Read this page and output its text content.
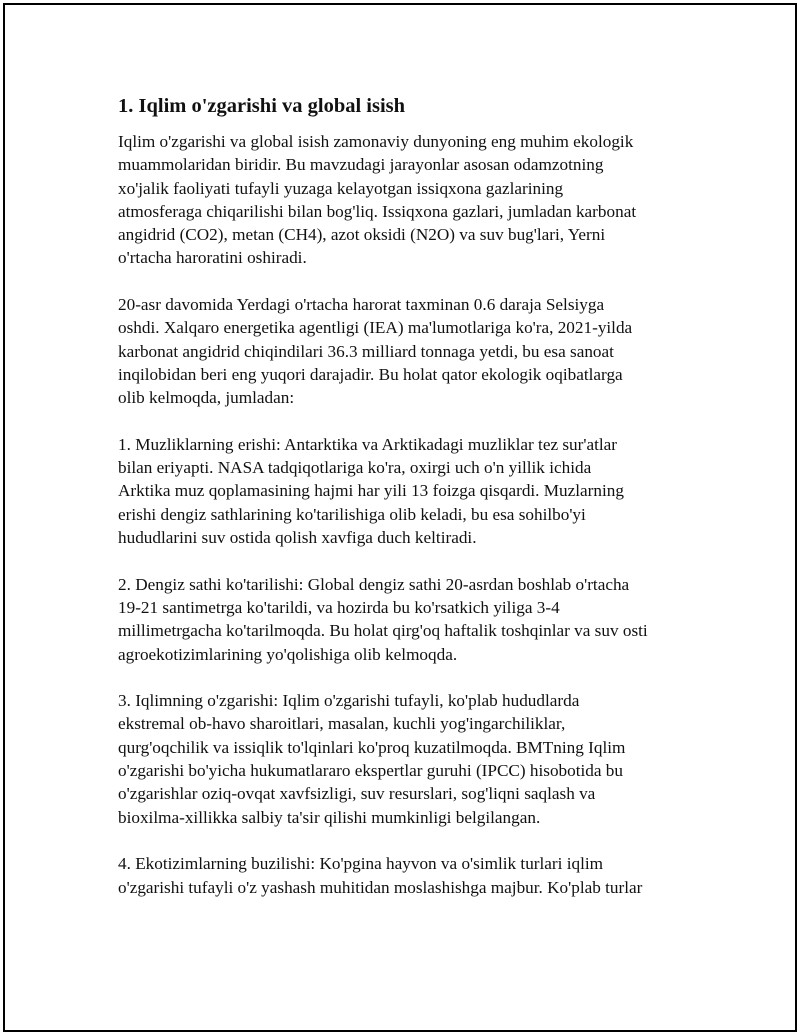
1. Iqlim o'zgarishi va global isish

Iqlim o'zgarishi va global isish zamonaviy dunyoning eng muhim ekologik
muammolaridan biridir. Bu mavzudagi jarayonlar asosan odamzotning
xo'jalik faoliyati tufayli yuzaga kelayotgan issiqxona gazlarining
atmosferaga chiqarilishi bilan bog'liq. Issiqxona gazlari, jumladan karbonat
angidrid (CO2), metan (CH4), azot oksidi (N2O) va suv bug'lari, Yerni
o'rtacha haroratini oshiradi.

20-asr davomida Yerdagi o'rtacha harorat taxminan 0.6 daraja Selsiyga
oshdi. Xalqaro energetika agentligi (IEA) ma'lumotlariga ko'ra, 2021-yilda
karbonat angidrid chiqindilari 36.3 milliard tonnaga yetdi, bu esa sanoat
inqilobidan beri eng yuqori darajadir. Bu holat qator ekologik oqibatlarga
olib kelmoqda, jumladan:

1. Muzliklarning erishi: Antarktika va Arktikadagi muzliklar tez sur'atlar
bilan eriyapti. NASA tadqiqotlariga ko'ra, oxirgi uch o'n yillik ichida
Arktika muz qoplamasining hajmi har yili 13 foizga qisqardi. Muzlarning
erishi dengiz sathlarining ko'tarilishiga olib keladi, bu esa sohilbo'yi
hududlarini suv ostida qolish xavfiga duch keltiradi.

2. Dengiz sathi ko'tarilishi: Global dengiz sathi 20-asrdan boshlab o'rtacha
19-21 santimetrga ko'tarildi, va hozirda bu ko'rsatkich yiliga 3-4
millimetrgacha ko'tarilmoqda. Bu holat qirg'oq haftalik toshqinlar va suv osti
agroekotizimlarining yo'qolishiga olib kelmoqda.

3. Iqlimning o'zgarishi: Iqlim o'zgarishi tufayli, ko'plab hududlarda
ekstremal ob-havo sharoitlari, masalan, kuchli yog'ingarchiliklar,
qurg'oqchilik va issiqlik to'lqinlari ko'proq kuzatilmoqda. BMTning Iqlim
o'zgarishi bo'yicha hukumatlararo ekspertlar guruhi (IPCC) hisobotida bu
o'zgarishlar oziq-ovqat xavfsizligi, suv resurslari, sog'liqni saqlash va
bioxilma-xillikka salbiy ta'sir qilishi mumkinligi belgilangan.

4. Ekotizimlarning buzilishi: Ko'pgina hayvon va o'simlik turlari iqlim
o'zgarishi tufayli o'z yashash muhitidan moslashishga majbur. Ko'plab turlar
